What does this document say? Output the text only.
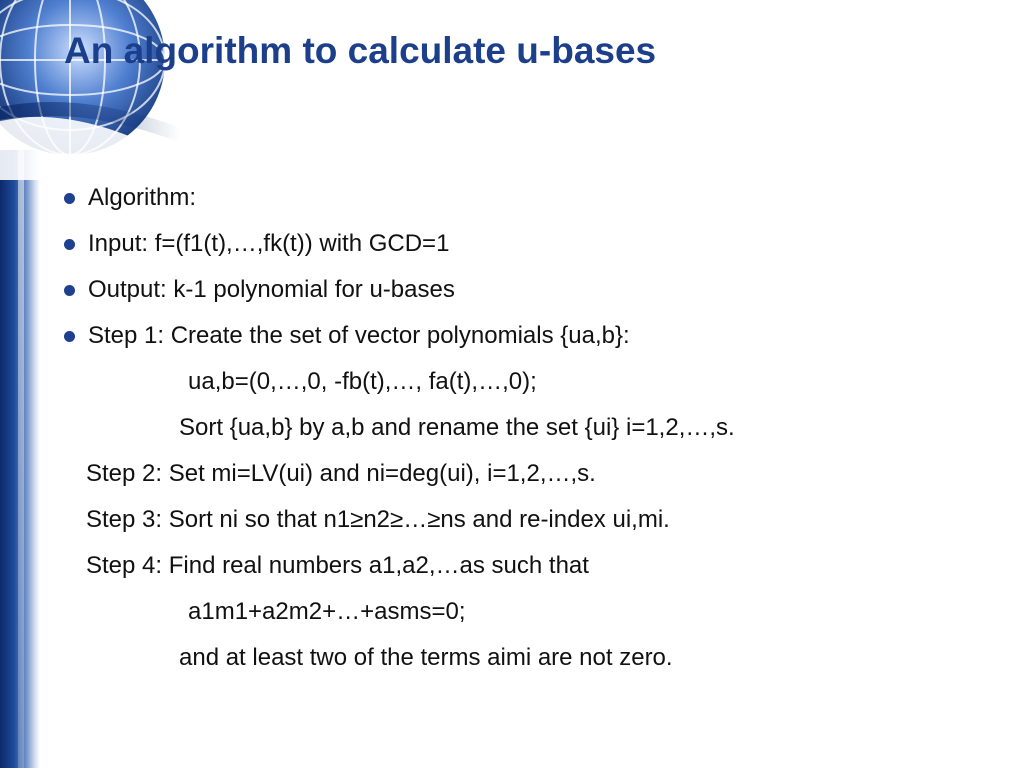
An algorithm to calculate u-bases
Algorithm:
Input: f=(f1(t),…,fk(t)) with GCD=1
Output: k-1 polynomial for u-bases
Step 1: Create the set of vector polynomials {ua,b}:
ua,b=(0,…,0, -fb(t),…, fa(t),…,0);
Sort {ua,b} by a,b and rename the set {ui} i=1,2,…,s.
Step 2: Set mi=LV(ui) and ni=deg(ui), i=1,2,…,s.
Step 3: Sort ni so that n1≥n2≥…≥ns and re-index ui,mi.
Step 4: Find real numbers a1,a2,…as such that
a1m1+a2m2+…+asms=0;
and at least two of the terms aimi are not zero.
